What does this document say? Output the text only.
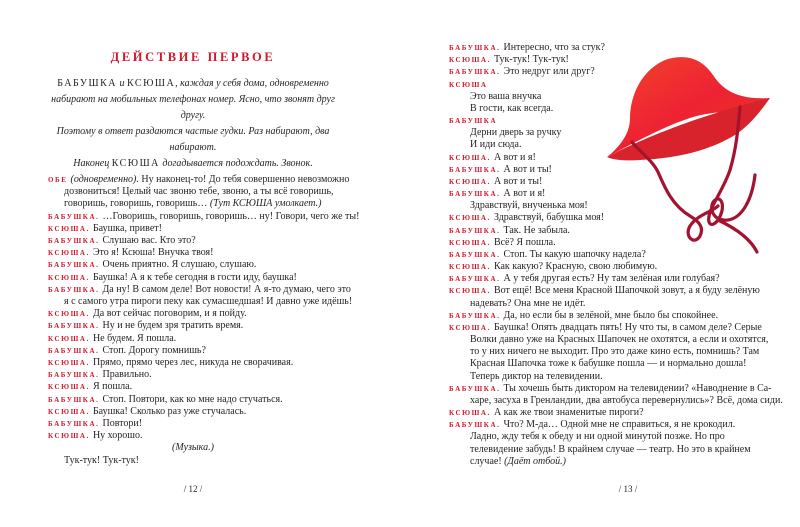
ДЕЙСТВИЕ ПЕРВОЕ
БАБУШКА и КСЮША, каждая у себя дома, одновременно
набирают на мобильных телефонах номер. Ясно, что звонят друг другу.
Поэтому в ответ раздаются частые гудки. Раз набирают, два набирают.
Наконец КСЮША догадывается подождать. Звонок.
ОБЕ (одновременно). Ну наконец-то! До тебя совершенно невозможно
дозвониться! Целый час звоню тебе, звоню, а ты всё говоришь,
говоришь, говоришь, говоришь… (Тут КСЮША умолкает.)
БАБУШКА. …Говоришь, говоришь, говоришь… ну! Говори, чего же ты!
КСЮША. Баушка, привет!
БАБУШКА. Слушаю вас. Кто это?
КСЮША. Это я! Ксюша! Внучка твоя!
БАБУШКА. Очень приятно. Я слушаю, слушаю.
КСЮША. Баушка! А я к тебе сегодня в гости иду, баушка!
БАБУШКА. Да ну! В самом деле! Вот новости! А я-то думаю, чего это
я с самого утра пироги пеку как сумасшедшая! И давно уже идёшь!
КСЮША. Да вот сейчас поговорим, и я пойду.
БАБУШКА. Ну и не будем зря тратить время.
КСЮША. Не будем. Я пошла.
БАБУШКА. Стоп. Дорогу помнишь?
КСЮША. Прямо, прямо через лес, никуда не сворачивая.
БАБУШКА. Правильно.
КСЮША. Я пошла.
БАБУШКА. Стоп. Повтори, как ко мне надо стучаться.
КСЮША. Баушка! Сколько раз уже стучалась.
БАБУШКА. Повтори!
КСЮША. Ну хорошо.
(Музыка.)
Тук-тук! Тук-тук!
/ 12 /
БАБУШКА. Интересно, что за стук?
КСЮША. Тук-тук! Тук-тук!
БАБУШКА. Это недруг или друг?
КСЮША
Это ваша внучка
В гости, как всегда.
БАБУШКА
Дерни дверь за ручку
И иди сюда.
КСЮША. А вот и я!
БАБУШКА. А вот и ты!
КСЮША. А вот и ты!
БАБУШКА. А вот и я!
Здравствуй, внученька моя!
КСЮША. Здравствуй, бабушка моя!
БАБУШКА. Так. Не забыла.
КСЮША. Всё? Я пошла.
БАБУШКА. Стоп. Ты какую шапочку надела?
КСЮША. Как какую? Красную, свою любимую.
БАБУШКА. А у тебя другая есть? Ну там зелёная или голубая?
КСЮША. Вот ещё! Все меня Красной Шапочкой зовут, а я буду зелёную
надевать? Она мне не идёт.
БАБУШКА. Да, но если бы в зелёной, мне было бы спокойнее.
КСЮША. Баушка! Опять двадцать пять! Ну что ты, в самом деле? Серые
Волки давно уже на Красных Шапочек не охотятся, а если и охотятся,
то у них ничего не выходит. Про это даже кино есть, помнишь? Там
Красная Шапочка тоже к бабушке пошла — и нормально дошла!
Теперь диктор на телевидении.
БАБУШКА. Ты хочешь быть диктором на телевидении? «Наводнение в Са-
харе, засуха в Гренландии, два автобуса перевернулись»? Всё, дома сиди.
КСЮША. А как же твои знаменитые пироги?
БАБУШКА. Что? М-да… Одной мне не справиться, я не крокодил.
Ладно, жду тебя к обеду и ни одной минутой позже. Но про
телевидение забудь! В крайнем случае — театр. Но это в крайнем
случае! (Даёт отбой.)
/ 13 /
